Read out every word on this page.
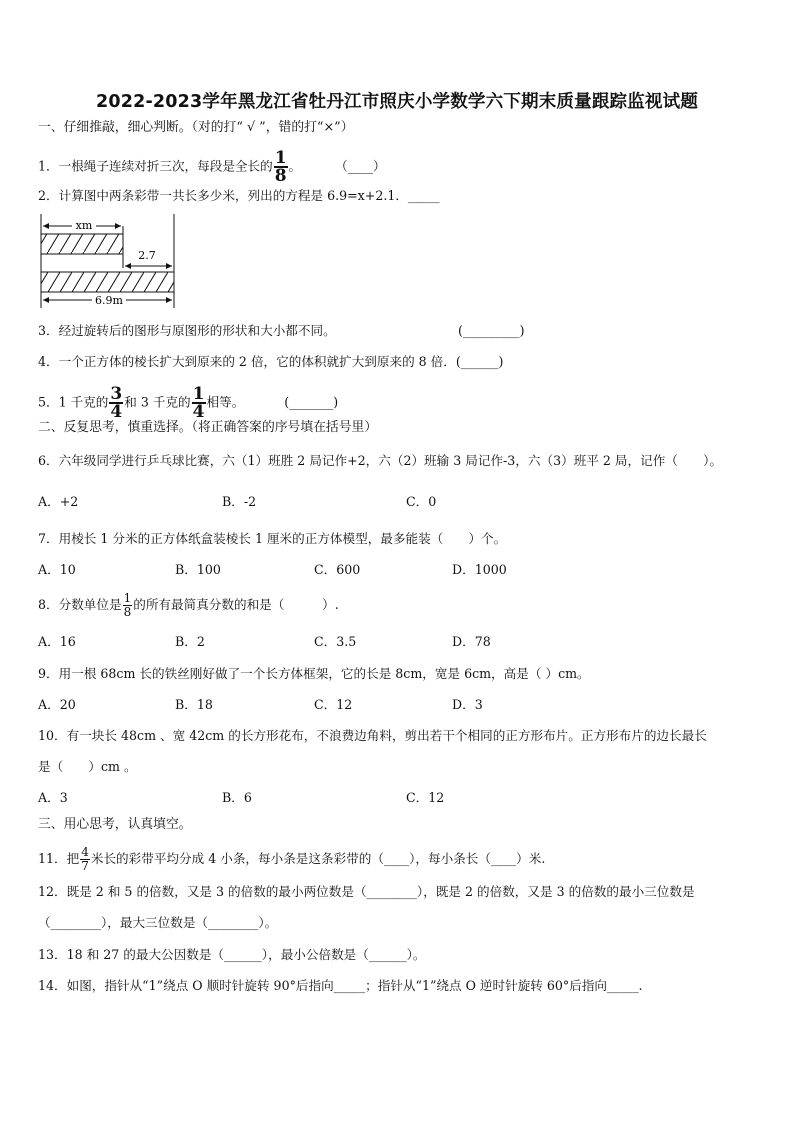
2022-2023学年黑龙江省牡丹江市照庆小学数学六下期末质量跟踪监视试题
一、仔细推敲，细心判断。（对的打“ √ ”，错的打“×”）
1．一根绳子连续对折三次，每段是全长的 $\frac{1}{8}$ 。	（____）
2．计算图中两条彩带一共长多少米，列出的方程是 6.9=x+2.1．_____
xm
2.7
6.9m
3．经过旋转后的图形与原图形的形状和大小都不同。	(_________)
4．一个正方体的棱长扩大到原来的 2 倍，它的体积就扩大到原来的 8 倍．(______)
5．1 千克的 $\frac{3}{4}$ 和 3 千克的 $\frac{1}{4}$ 相等。	(_______)
二、反复思考，慎重选择。（将正确答案的序号填在括号里）
6．六年级同学进行乒乓球比赛，六（1）班胜 2 局记作+2，六（2）班输 3 局记作-3，六（3）班平 2 局，记作（　　）。
A．+2	B．-2	C．0
7．用棱长 1 分米的正方体纸盒装棱长 1 厘米的正方体模型，最多能装（　　）个。
A．10	B．100	C．600	D．1000
8．分数单位是 $\frac{1}{8}$ 的所有最简真分数的和是（　　　）.
A．16	B．2	C．3.5	D．78
9．用一根 68cm 长的铁丝刚好做了一个长方体框架，它的长是 8cm，宽是 6cm，高是（ ）cm。
A．20	B．18	C．12	D．3
10．有一块长 48cm 、宽 42cm 的长方形花布，不浪费边角料，剪出若干个相同的正方形布片。正方形布片的边长最长
是（　　）cm 。
A．3	B．6	C．12
三、用心思考，认真填空。
11．把 $\frac{4}{7}$ 米长的彩带平均分成 4 小条，每小条是这条彩带的（____），每小条长（____）米.
12．既是 2 和 5 的倍数，又是 3 的倍数的最小两位数是（________），既是 2 的倍数，又是 3 的倍数的最小三位数是
（________），最大三位数是（________）。
13．18 和 27 的最大公因数是（______），最小公倍数是（______）。
14．如图，指针从“1”绕点 O 顺时针旋转 90°后指向_____；指针从“1”绕点 O 逆时针旋转 60°后指向_____.
